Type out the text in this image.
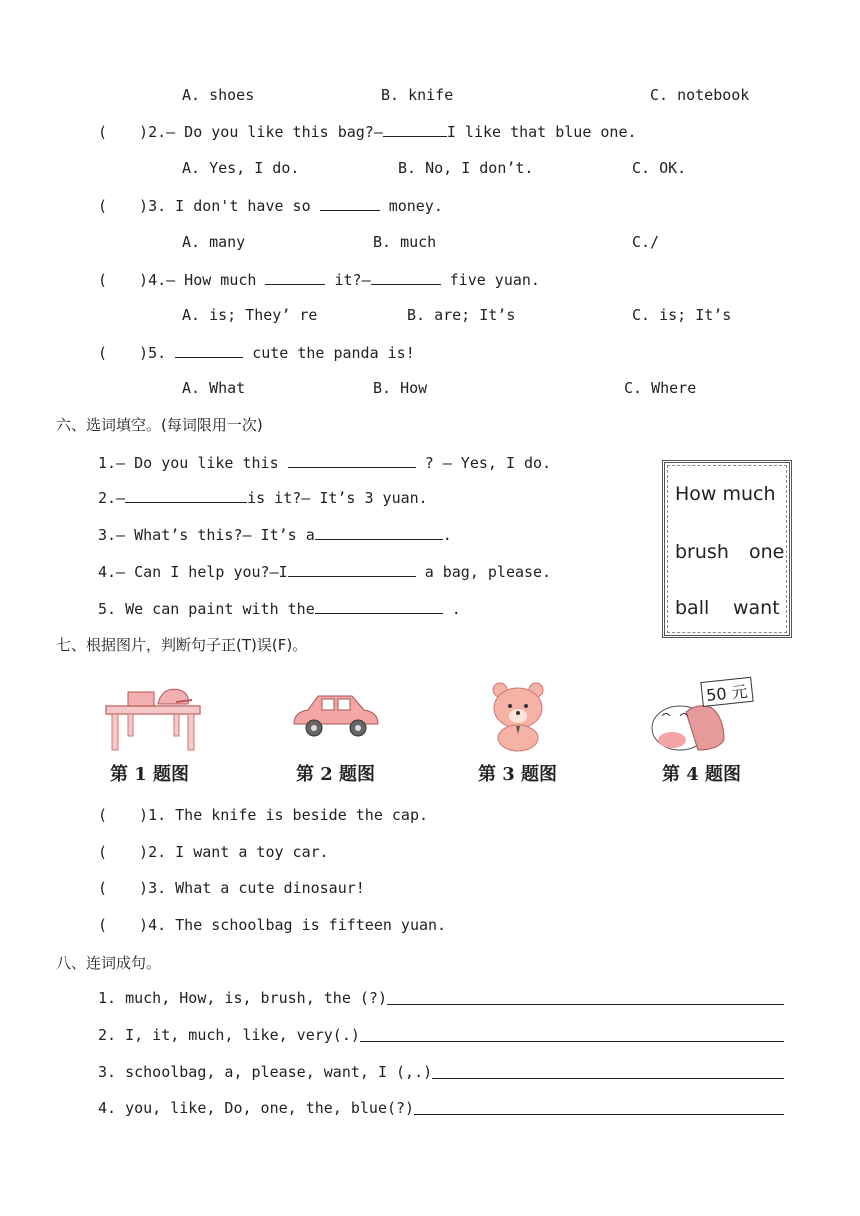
A. shoes	B. knife	C. notebook
( )2.— Do you like this bag?—	I like that blue one.
A. Yes, I do.	B. No, I don’t.	C. OK.
( )3. I don't have so	money.
A. many	B. much	C./
( )4.— How much	it?—	five yuan.
A. is; They’ re	B. are; It’s	C. is; It’s
( )5.	cute the panda is!
A. What	B. How	C. Where
六、选词填空。(每词限用一次)
1.— Do you like this	? — Yes, I do.
2.—	is it?— It’s 3 yuan.
3.— What’s this?— It’s a	.
4.— Can I help you?—I	a bag, please.
5. We can paint with the	.
How much
brush one
ball want
七、根据图片，判断句子正(T)误(F)。
50 元
第 1 题图	第 2 题图	第 3 题图	第 4 题图
( )1. The knife is beside the cap.
( )2. I want a toy car.
( )3. What a cute dinosaur!
( )4. The schoolbag is fifteen yuan.
八、连词成句。
1. much, How, is, brush, the (?)
2. I, it, much, like, very(.)
3. schoolbag, a, please, want, I (,.)
4. you, like, Do, one, the, blue(?)
